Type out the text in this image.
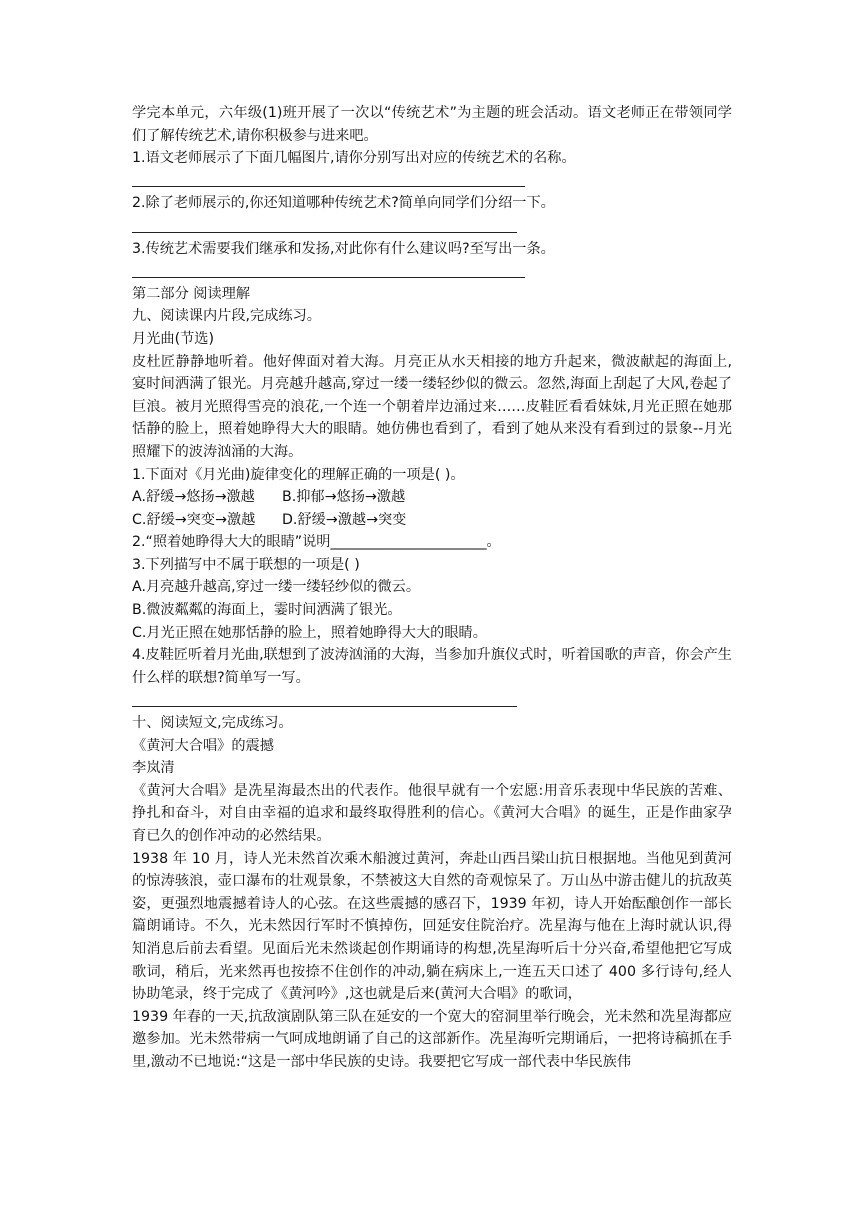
学完本单元，六年级(1)班开展了一次以“传统艺术”为主题的班会活动。语文老师正在带领同学们了解传统艺术,请你积极参与进来吧。

1.语文老师展示了下面几幅图片,请你分别写出对应的传统艺术的名称。

2.除了老师展示的,你还知道哪种传统艺术?简单向同学们分绍一下。

3.传统艺术需要我们继承和发扬,对此你有什么建议吗?至写出一条。

第二部分 阅读理解

九、阅读课内片段,完成练习。

月光曲(节选)

皮杜匠静静地听着。他好俾面对着大海。月亮正从水天相接的地方升起来，微波献起的海面上,宴时间洒满了银光。月亮越升越高,穿过一缕一缕轻纱似的微云。忽然,海面上刮起了大风,卷起了巨浪。被月光照得雪亮的浪花,一个连一个朝着岸边涌过来……皮鞋匠看看妹妹,月光正照在她那恬静的脸上，照着她睁得大大的眼睛。她仿佛也看到了，看到了她从来没有看到过的景象--月光照耀下的波涛汹涌的大海。

1.下面对《月光曲)旋律变化的理解正确的一项是( )。

A.舒缓→悠扬→激越 B.抑郁→悠扬→激越

C.舒缓→突变→激越 D.舒缓→激越→突变

2.“照着她睁得大大的眼睛”说明______________________。

3.下列描写中不属于联想的一项是( )

A.月亮越升越高,穿过一缕一缕轻纱似的微云。

B.微波粼粼的海面上，霎时间洒满了银光。

C.月光正照在她那恬静的脸上，照着她睁得大大的眼睛。

4.皮鞋匠听着月光曲,联想到了波涛汹涌的大海，当参加升旗仪式时，听着国歌的声音，你会产生什么样的联想?简单写一写。

十、阅读短文,完成练习。

《黄河大合唱》的震撼

李岚清

《黄河大合唱》是冼星海最杰出的代表作。他很早就有一个宏愿:用音乐表现中华民族的苦难、挣扎和奋斗，对自由幸福的追求和最终取得胜利的信心。《黄河大合唱》的诞生，正是作曲家孕育已久的创作冲动的必然结果。

1938 年 10 月，诗人光未然首次乘木船渡过黄河，奔赴山西吕梁山抗日根据地。当他见到黄河的惊涛骇浪，壶口瀑布的壮观景象，不禁被这大自然的奇观惊呆了。万山丛中游击健儿的抗敌英姿，更强烈地震撼着诗人的心弦。在这些震撼的感召下，1939 年初，诗人开始酝酿创作一部长篇朗诵诗。不久，光未然因行军时不慎掉伤，回延安住院治疗。冼星海与他在上海时就认识,得知消息后前去看望。见面后光未然谈起创作期诵诗的构想,冼星海听后十分兴奋,希望他把它写成歌词，稍后，光来然再也按捺不住创作的冲动,躺在病床上,一连五天口述了 400 多行诗句,经人协助笔录，终于完成了《黄河吟》,这也就是后来(黄河大合唱》的歌词，

1939 年春的一天,抗敌演剧队第三队在延安的一个宽大的窑洞里举行晚会，光未然和冼星海都应邀参加。光未然带病一气呵成地朗诵了自己的这部新作。冼星海听完期诵后，一把将诗稿抓在手里,激动不已地说:“这是一部中华民族的史诗。我要把它写成一部代表中华民族伟
